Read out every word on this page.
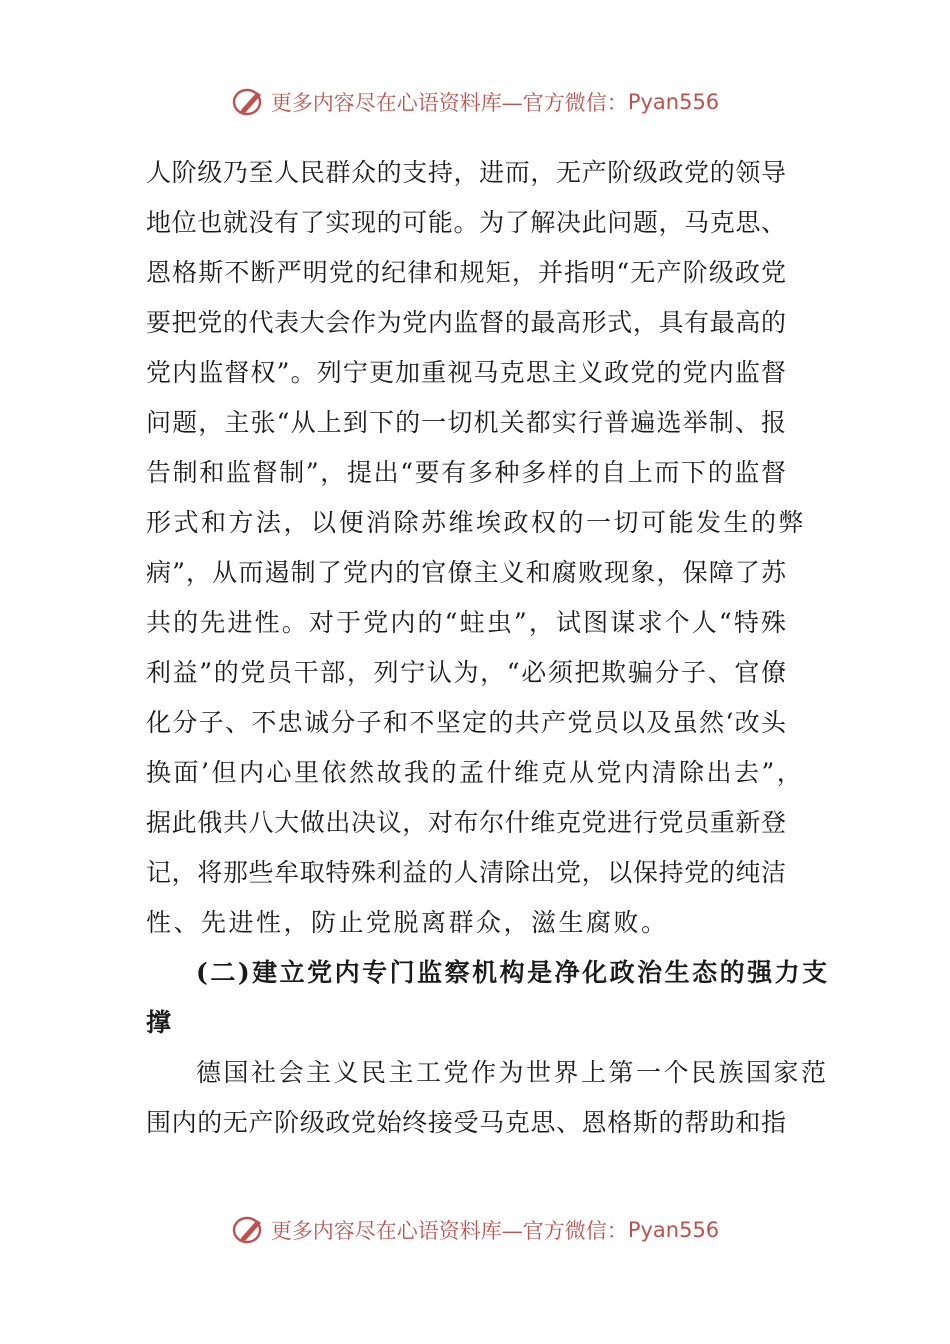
更多内容尽在心语资料库—官方微信： Pyan556
人阶级乃至人民群众的支持，进而，无产阶级政党的领导
地位也就没有了实现的可能。为了解决此问题，马克思、
恩格斯不断严明党的纪律和规矩，并指明“无产阶级政党
要把党的代表大会作为党内监督的最高形式，具有最高的
党内监督权”。列宁更加重视马克思主义政党的党内监督
问题，主张“从上到下的一切机关都实行普遍选举制、报
告制和监督制”，提出“要有多种多样的自上而下的监督
形式和方法，以便消除苏维埃政权的一切可能发生的弊
病”，从而遏制了党内的官僚主义和腐败现象，保障了苏
共的先进性。对于党内的“蛀虫”，试图谋求个人“特殊
利益”的党员干部，列宁认为，“必须把欺骗分子、官僚
化分子、不忠诚分子和不坚定的共产党员以及虽然‘改头
换面’但内心里依然故我的孟什维克从党内清除出去”，
据此俄共八大做出决议，对布尔什维克党进行党员重新登
记，将那些牟取特殊利益的人清除出党，以保持党的纯洁
性、先进性，防止党脱离群众，滋生腐败。
(二)建立党内专门监察机构是净化政治生态的强力支
撑
德国社会主义民主工党作为世界上第一个民族国家范
围内的无产阶级政党始终接受马克思、恩格斯的帮助和指
更多内容尽在心语资料库—官方微信： Pyan556
